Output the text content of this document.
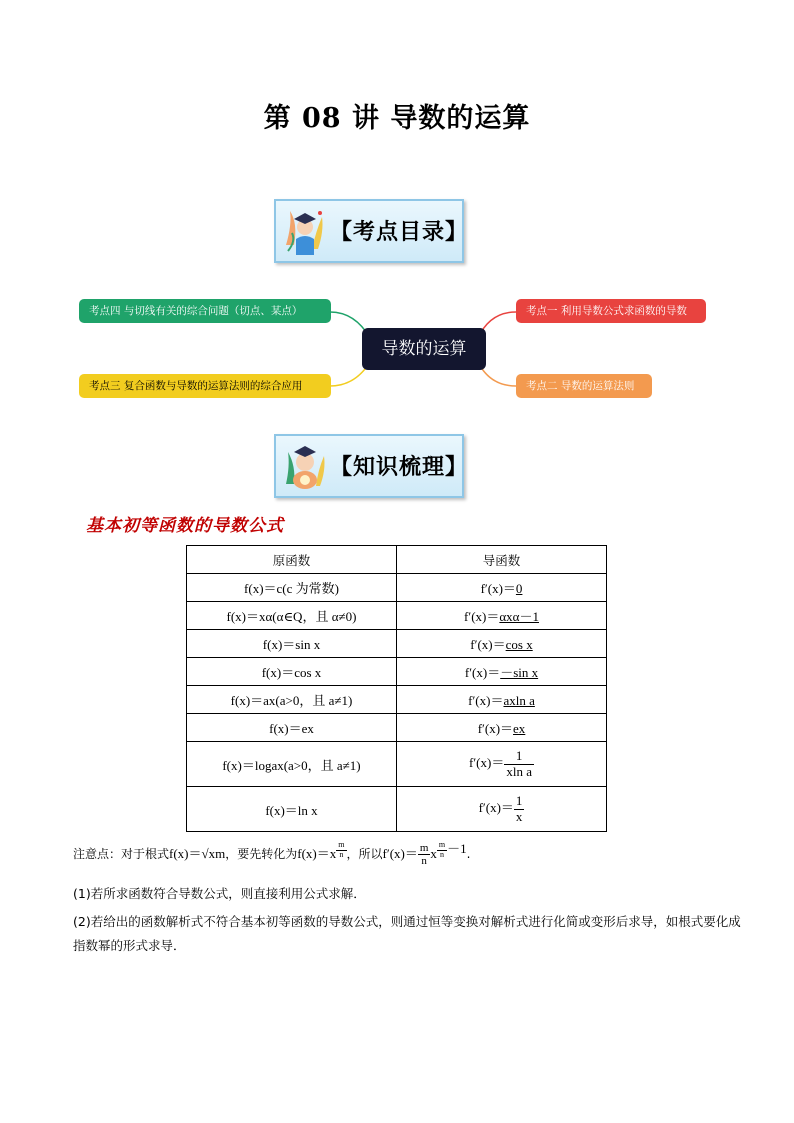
第 08 讲 导数的运算
【考点目录】
考点一 利用导数公式求函数的导数
考点二 导数的运算法则
考点三 复合函数与导数的运算法则的综合应用
考点四 与切线有关的综合问题（切点、某点）
导数的运算
【知识梳理】
基本初等函数的导数公式
原函数	导函数
f(x)＝c(c 为常数)	f′(x)＝0
f(x)＝xα(α∈Q，且 α≠0)	f′(x)＝αxα－1
f(x)＝sin x	f′(x)＝cos x
f(x)＝cos x	f′(x)＝－sin x
f(x)＝ax(a>0，且 a≠1)	f′(x)＝axln a
f(x)＝ex	f′(x)＝ex
f(x)＝logax(a>0，且 a≠1)	$f'(x)= \frac{1}{\text{xln a}}$

f(x)＝ln x	$f'(x)= \frac{1}{x}$
注意点：对于根式f(x)＝√xm，要先转化为f(x)＝x $^{\frac{m}{n}}$ ，所以$f'(x)= \frac{m}{n}$ x $^{\frac{m}{n} -1}$.
(1)若所求函数符合导数公式，则直接利用公式求解．
(2)若给出的函数解析式不符合基本初等函数的导数公式，则通过恒等变换对解析式进行化简或变形后求导，如根式要化成指数幂的形式求导．
